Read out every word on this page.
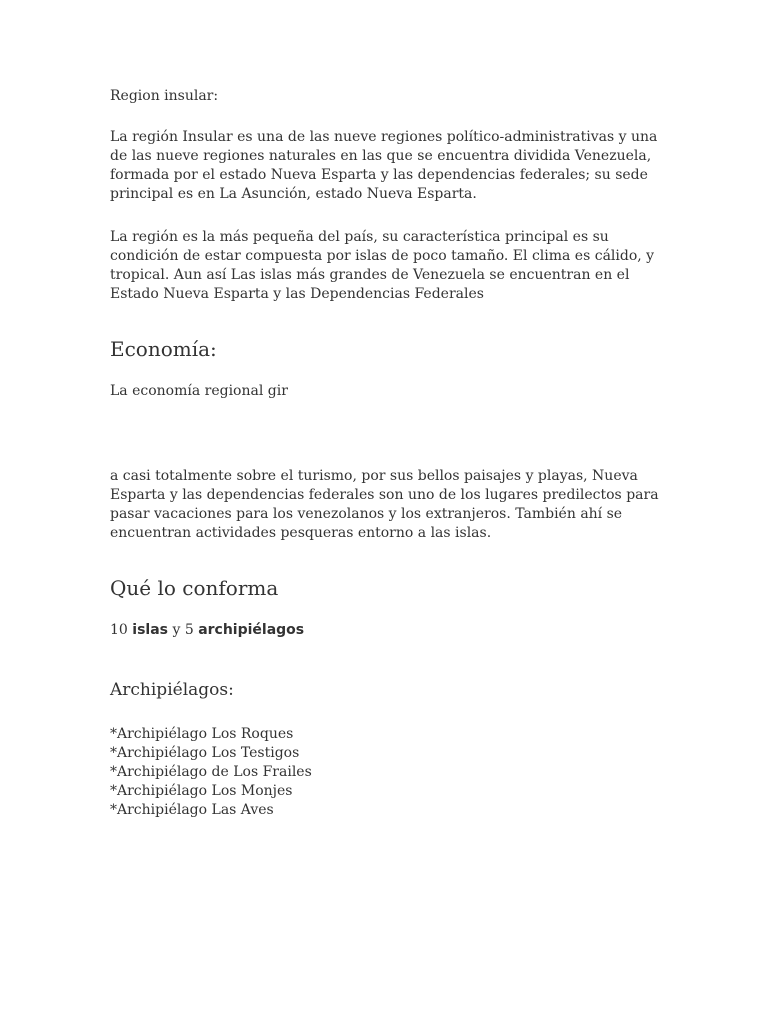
Region insular:

La región Insular es una de las nueve regiones político-administrativas y una de las nueve regiones naturales en las que se encuentra dividida Venezuela, formada por el estado Nueva Esparta y las dependencias federales; su sede principal es en La Asunción, estado Nueva Esparta.

La región es la más pequeña del país, su característica principal es su condición de estar compuesta por islas de poco tamaño. El clima es cálido, y tropical. Aun así Las islas más grandes de Venezuela se encuentran en el Estado Nueva Esparta y las Dependencias Federales

Economía:

La economía regional gir

a casi totalmente sobre el turismo, por sus bellos paisajes y playas, Nueva Esparta y las dependencias federales son uno de los lugares predilectos para pasar vacaciones para los venezolanos y los extranjeros. También ahí se encuentran actividades pesqueras entorno a las islas.

Qué lo conforma

10 islas y 5 archipiélagos

Archipiélagos:
*Archipiélago Los Roques
*Archipiélago Los Testigos
*Archipiélago de Los Frailes
*Archipiélago Los Monjes
*Archipiélago Las Aves
